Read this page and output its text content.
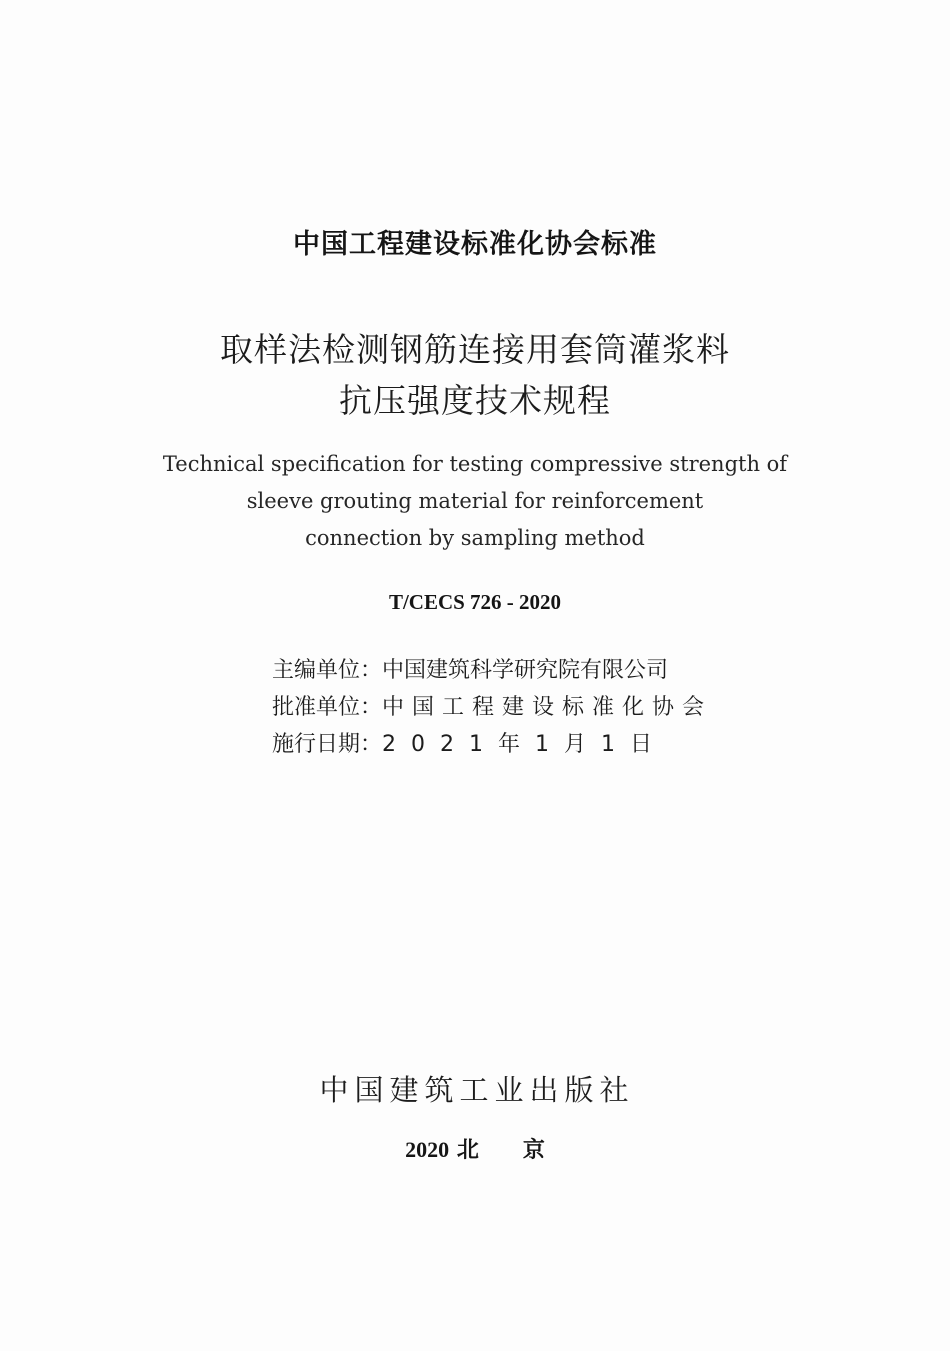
中国工程建设标准化协会标准
取样法检测钢筋连接用套筒灌浆料
抗压强度技术规程
Technical specification for testing compressive strength of
sleeve grouting material for reinforcement
connection by sampling method
T/CECS 726 - 2020
主编单位：中国建筑科学研究院有限公司
批准单位：中国工程建设标准化协会
施行日期：2 0 2 1 年 1 月 1 日
中国建筑工业出版社
2020 北　　京
